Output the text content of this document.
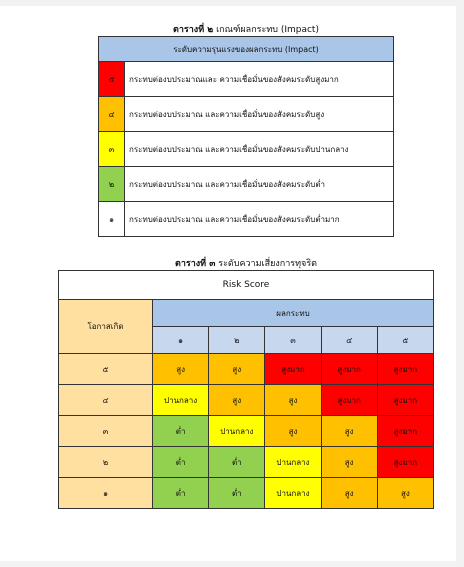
ตารางที่ ๒ เกณฑ์ผลกระทบ (Impact)
ระดับความรุนแรงของผลกระทบ (Impact)	
๕	กระทบต่องบประมาณและ ความเชื่อมั่นของสังคมระดับสูงมาก
๔	กระทบต่องบประมาณ และความเชื่อมั่นของสังคมระดับสูง
๓	กระทบต่องบประมาณ และความเชื่อมั่นของสังคมระดับปานกลาง
๒	กระทบต่องบประมาณ และความเชื่อมั่นของสังคมระดับต่ำ
๑	กระทบต่องบประมาณ และความเชื่อมั่นของสังคมระดับต่ำมาก
ตารางที่ ๓ ระดับความเสี่ยงการทุจริต
Risk Score					
โอกาสเกิด	ผลกระทบ				
	๑	๒	๓	๔	๕
๕	สูง	สูง	สูงมาก	สูงมาก	สูงมาก
๔	ปานกลาง	สูง	สูง	สูงมาก	สูงมาก
๓	ต่ำ	ปานกลาง	สูง	สูง	สูงมาก
๒	ต่ำ	ต่ำ	ปานกลาง	สูง	สูงมาก
๑	ต่ำ	ต่ำ	ปานกลาง	สูง	สูง
